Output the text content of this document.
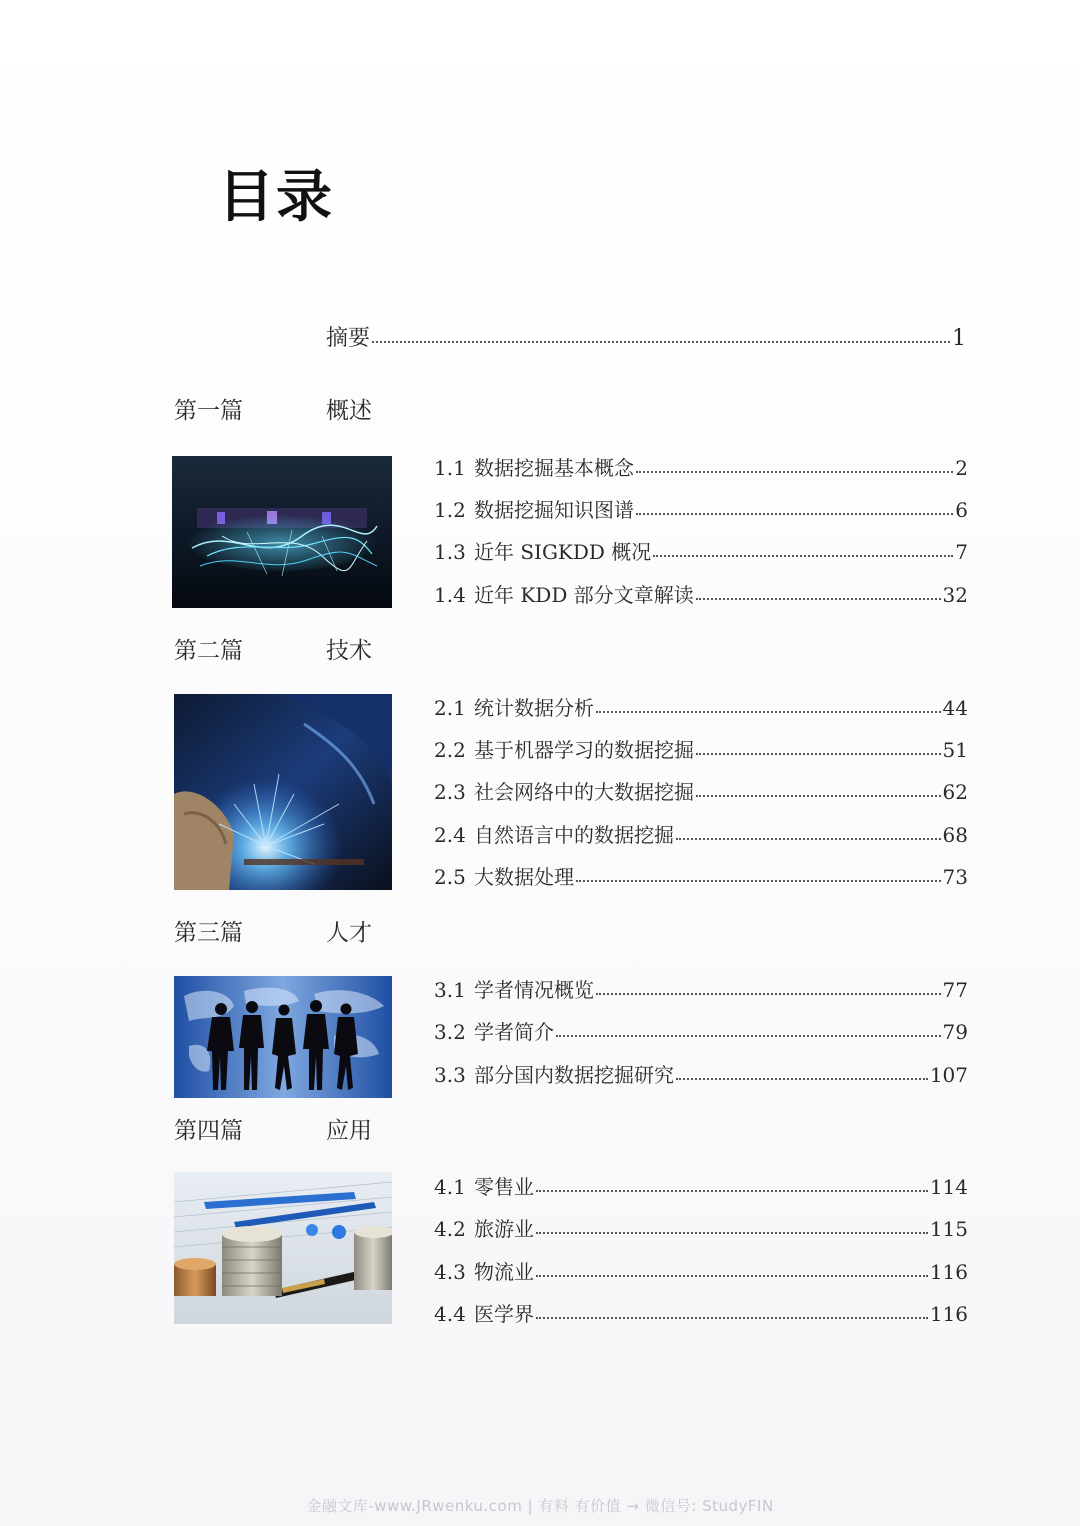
目录
摘要	1
第一篇	概述
1.1 数据挖掘基本概念	2
1.2 数据挖掘知识图谱	6
1.3 近年 SIGKDD 概况	7
1.4 近年 KDD 部分文章解读	32
第二篇	技术
2.1 统计数据分析	44
2.2 基于机器学习的数据挖掘	51
2.3 社会网络中的大数据挖掘	62
2.4 自然语言中的数据挖掘	68
2.5 大数据处理	73
第三篇	人才
3.1 学者情况概览	77
3.2 学者简介	79
3.3 部分国内数据挖掘研究	107
第四篇	应用
4.1 零售业	114
4.2 旅游业	115
4.3 物流业	116
4.4 医学界	116
金融文库-www.JRwenku.com | 有料 有价值 → 微信号: StudyFIN
